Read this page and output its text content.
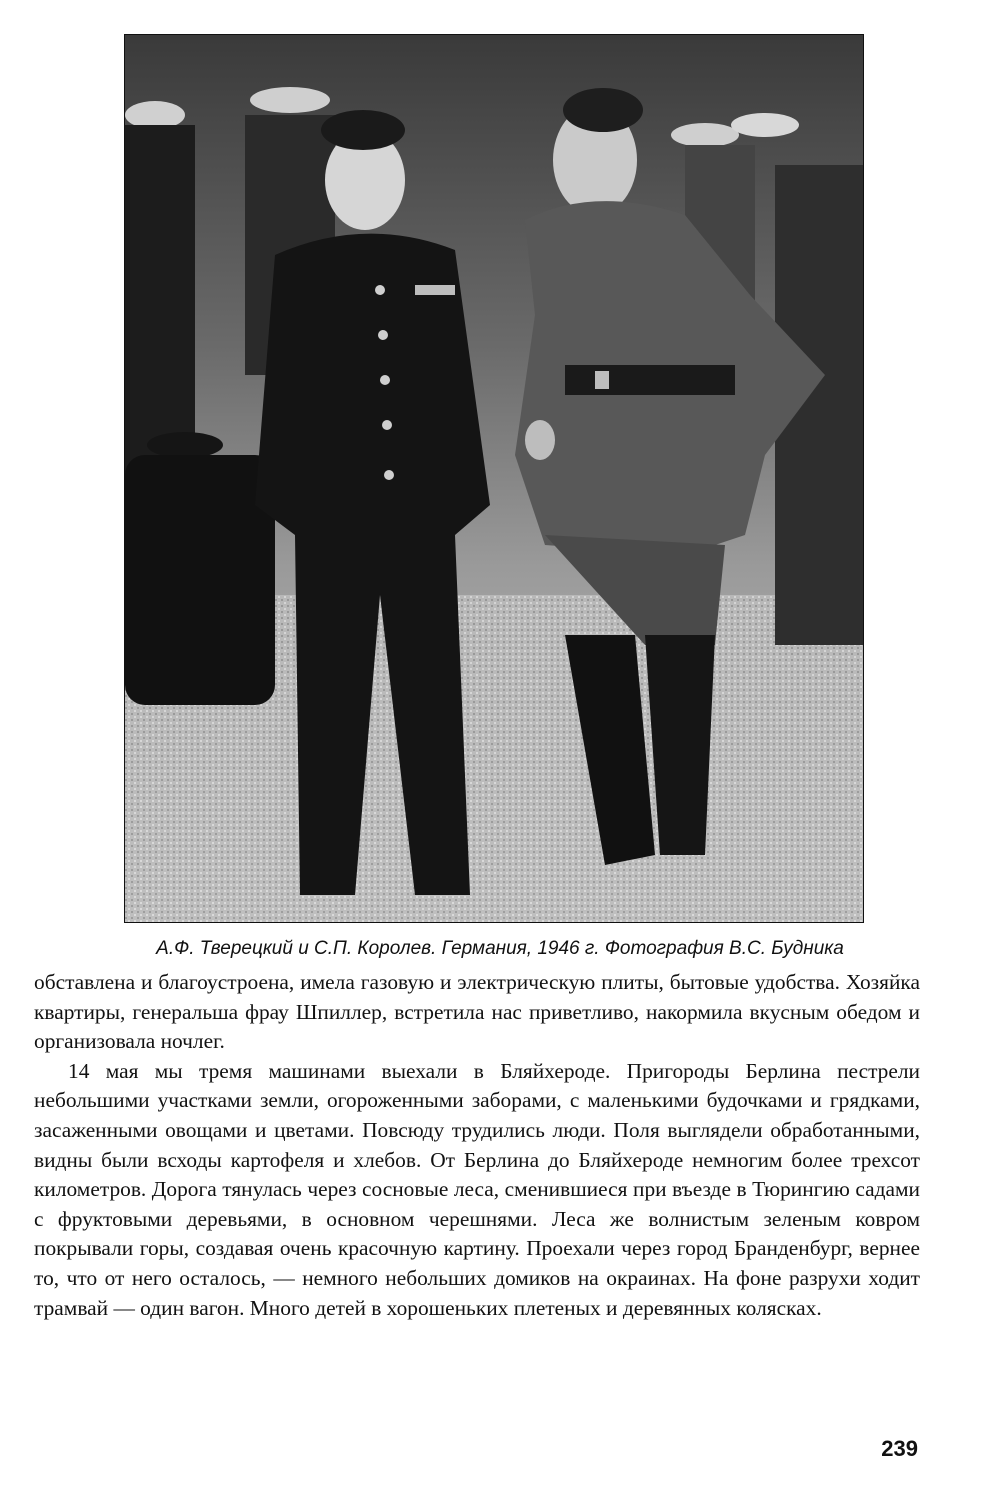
А.Ф. Тверецкий и С.П. Королев. Германия, 1946 г. Фотография В.С. Будника

обставлена и благоустроена, имела газовую и электрическую плиты, бытовые удобства. Хозяйка квартиры, генеральша фрау Шпиллер, встретила нас приветливо, накормила вкусным обедом и организовала ночлег.

14 мая мы тремя машинами выехали в Бляйхероде. Пригороды Берлина пестрели небольшими участками земли, огороженными заборами, с маленькими будочками и грядками, засаженными овощами и цветами. Повсюду трудились люди. Поля выглядели обработанными, видны были всходы картофеля и хлебов. От Берлина до Бляйхероде немногим более трехсот километров. Дорога тянулась через сосновые леса, сменившиеся при въезде в Тюрингию садами с фруктовыми деревьями, в основном черешнями. Леса же волнистым зеленым ковром покрывали горы, создавая очень красочную картину. Проехали через город Бранденбург, вернее то, что от него осталось, — немного небольших домиков на окраинах. На фоне разрухи ходит трамвай — один вагон. Много детей в хорошеньких плетеных и деревянных колясках.

239
